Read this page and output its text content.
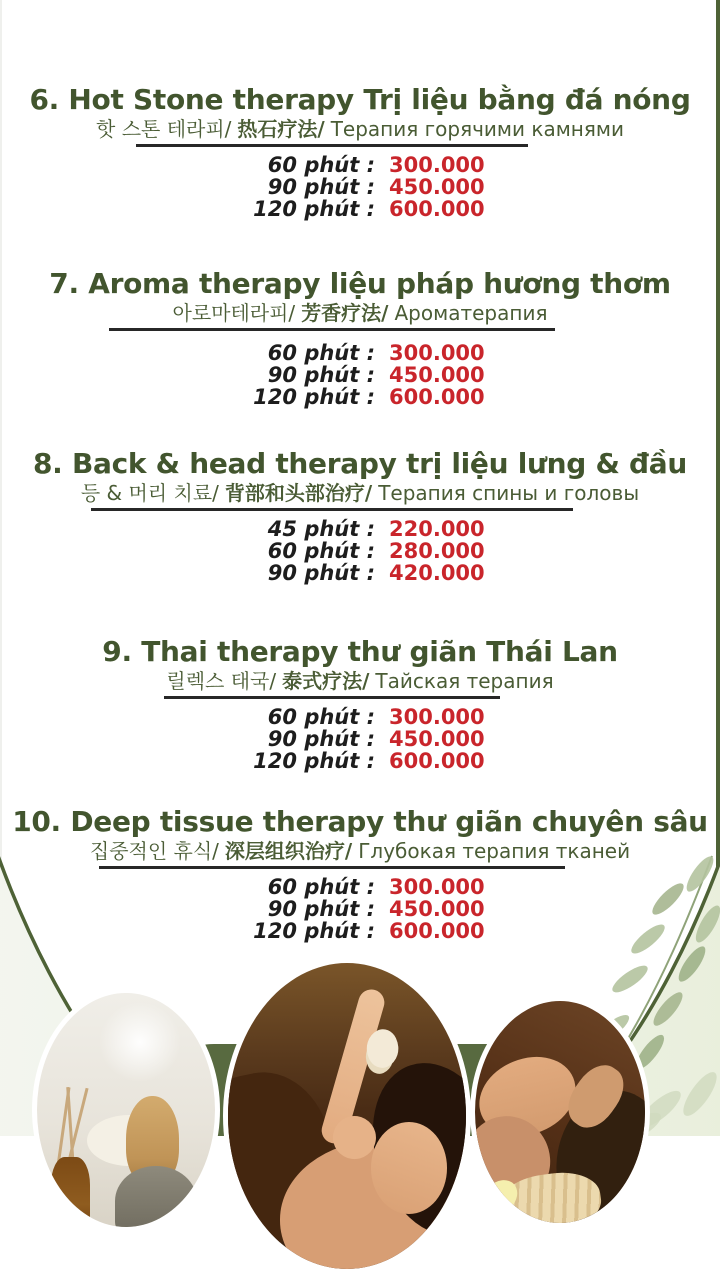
6. Hot Stone therapy Trị liệu bằng đá nóng
핫 스톤 테라피/ 热石疗法/ Терапия горячими камнями
60 phút : 300.000
90 phút : 450.000
120 phút : 600.000
7. Aroma therapy liệu pháp hương thơm
아로마테라피/ 芳香疗法/ Ароматерапия
60 phút : 300.000
90 phút : 450.000
120 phút : 600.000
8. Back & head therapy trị liệu lưng & đầu
등 & 머리 치료/ 背部和头部治疗/ Терапия спины и головы
45 phút : 220.000
60 phút : 280.000
90 phút : 420.000
9. Thai therapy thư giãn Thái Lan
릴렉스 태국/ 泰式疗法/ Тайская терапия
60 phút : 300.000
90 phút : 450.000
120 phút : 600.000
10. Deep tissue therapy thư giãn chuyên sâu
집중적인 휴식/ 深层组织治疗/ Глубокая терапия тканей
60 phút : 300.000
90 phút : 450.000
120 phút : 600.000
